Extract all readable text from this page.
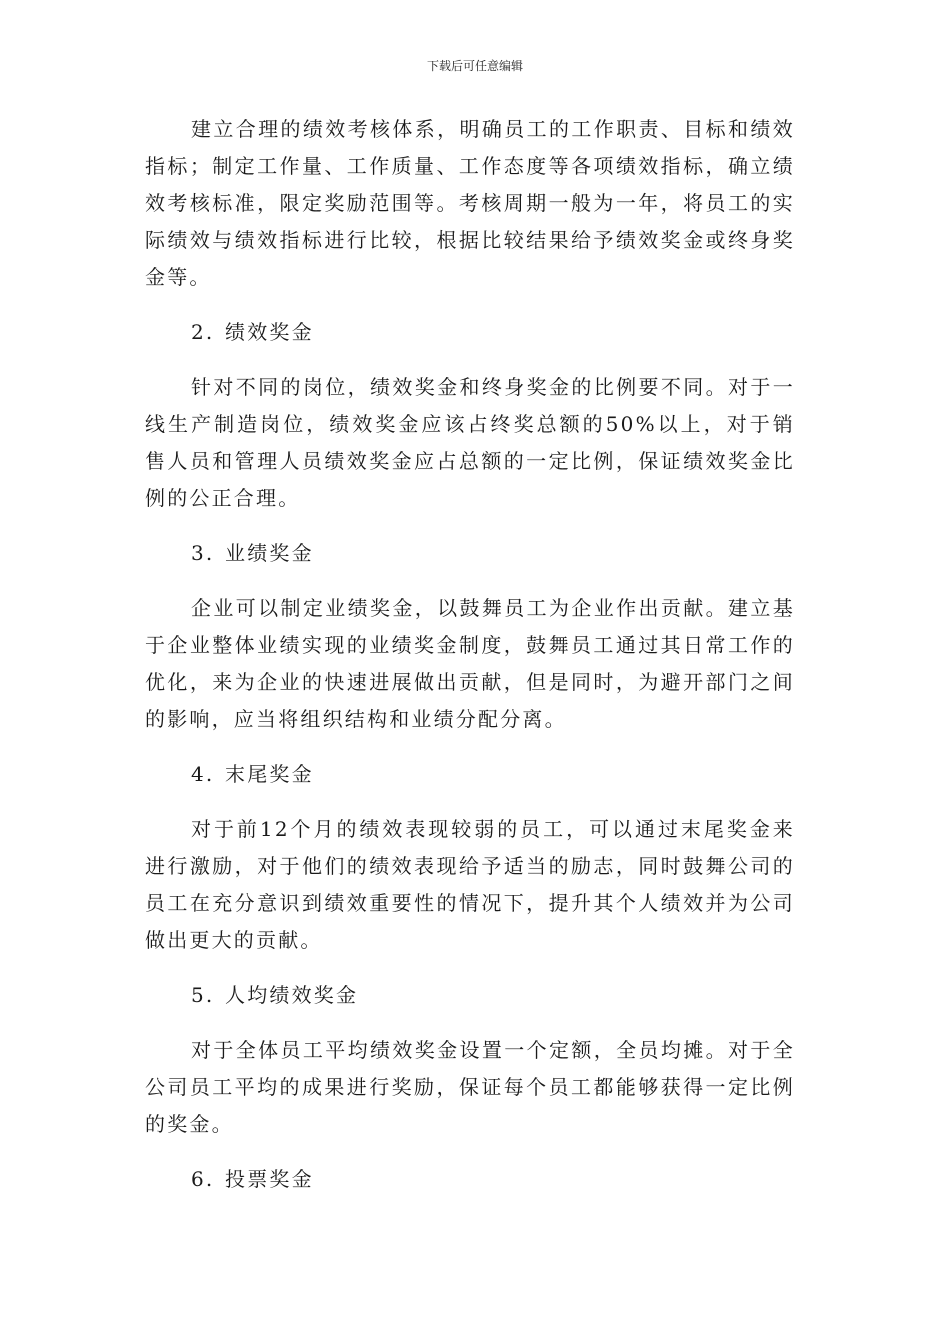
下载后可任意编辑

建立合理的绩效考核体系，明确员工的工作职责、目标和绩效指标；制定工作量、工作质量、工作态度等各项绩效指标，确立绩效考核标准，限定奖励范围等。考核周期一般为一年，将员工的实际绩效与绩效指标进行比较，根据比较结果给予绩效奖金或终身奖金等。

2. 绩效奖金

针对不同的岗位，绩效奖金和终身奖金的比例要不同。对于一线生产制造岗位，绩效奖金应该占终奖总额的50%以上，对于销售人员和管理人员绩效奖金应占总额的一定比例，保证绩效奖金比例的公正合理。

3. 业绩奖金

企业可以制定业绩奖金，以鼓舞员工为企业作出贡献。建立基于企业整体业绩实现的业绩奖金制度，鼓舞员工通过其日常工作的优化，来为企业的快速进展做出贡献，但是同时，为避开部门之间的影响，应当将组织结构和业绩分配分离。

4. 末尾奖金

对于前12个月的绩效表现较弱的员工，可以通过末尾奖金来进行激励，对于他们的绩效表现给予适当的励志，同时鼓舞公司的员工在充分意识到绩效重要性的情况下，提升其个人绩效并为公司做出更大的贡献。

5. 人均绩效奖金

对于全体员工平均绩效奖金设置一个定额，全员均摊。对于全公司员工平均的成果进行奖励，保证每个员工都能够获得一定比例的奖金。

6. 投票奖金
